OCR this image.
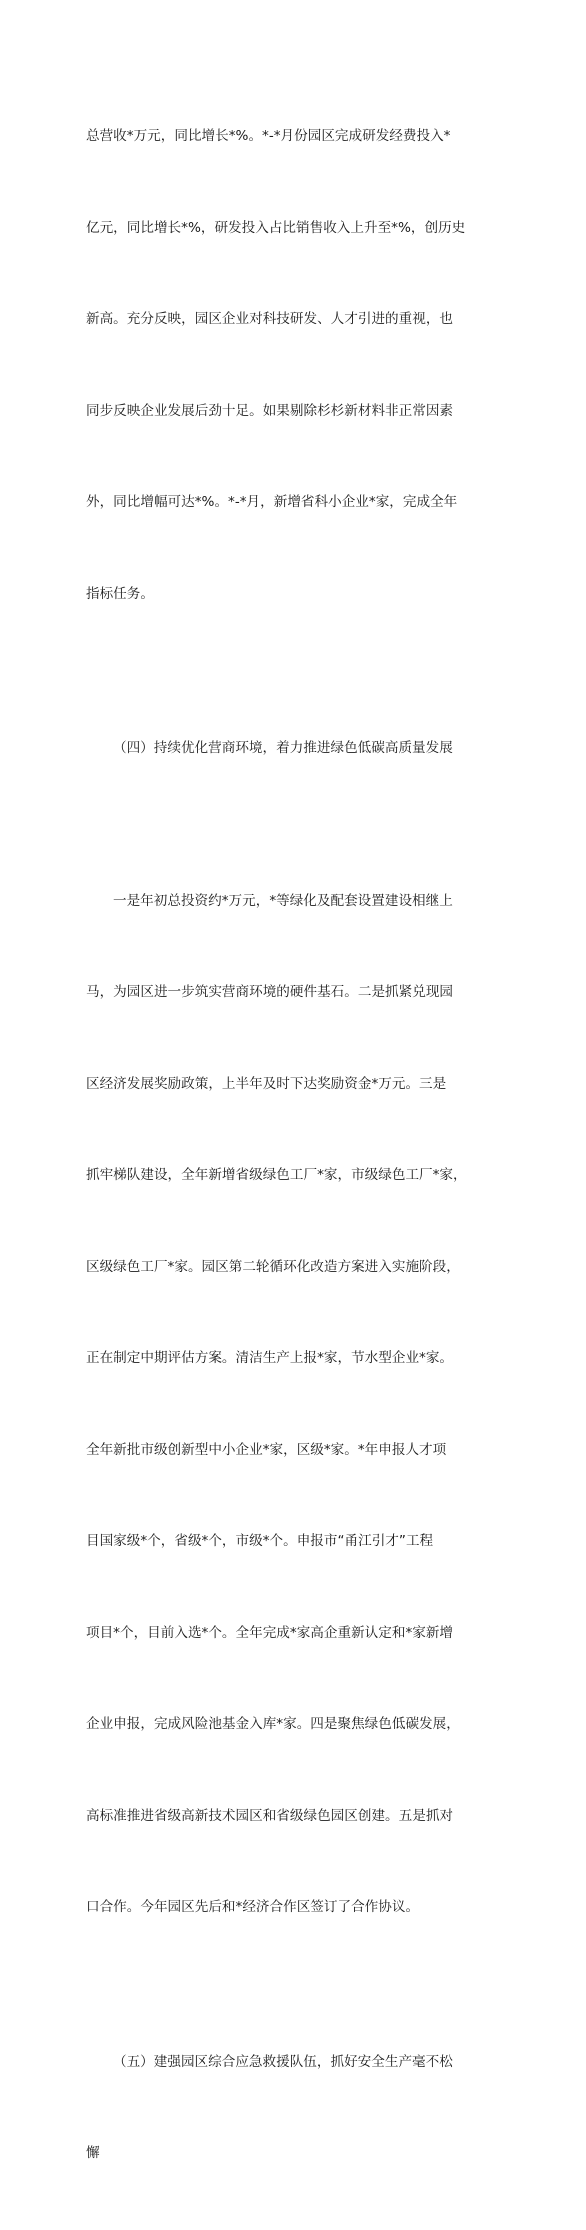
总营收*万元，同比增长*%。*-*月份园区完成研发经费投入*

亿元，同比增长*%，研发投入占比销售收入上升至*%，创历史

新高。充分反映，园区企业对科技研发、人才引进的重视，也

同步反映企业发展后劲十足。如果剔除杉杉新材料非正常因素

外，同比增幅可达*%。*-*月，新增省科小企业*家，完成全年

指标任务。

（四）持续优化营商环境，着力推进绿色低碳高质量发展

一是年初总投资约*万元，*等绿化及配套设置建设相继上

马，为园区进一步筑实营商环境的硬件基石。二是抓紧兑现园

区经济发展奖励政策，上半年及时下达奖励资金*万元。三是

抓牢梯队建设，全年新增省级绿色工厂*家，市级绿色工厂*家，

区级绿色工厂*家。园区第二轮循环化改造方案进入实施阶段，

正在制定中期评估方案。清洁生产上报*家，节水型企业*家。

全年新批市级创新型中小企业*家，区级*家。*年申报人才项

目国家级*个，省级*个，市级*个。申报市“甬江引才”工程

项目*个，目前入选*个。全年完成*家高企重新认定和*家新增

企业申报，完成风险池基金入库*家。四是聚焦绿色低碳发展，

高标准推进省级高新技术园区和省级绿色园区创建。五是抓对

口合作。今年园区先后和*经济合作区签订了合作协议。

（五）建强园区综合应急救援队伍，抓好安全生产毫不松

懈
